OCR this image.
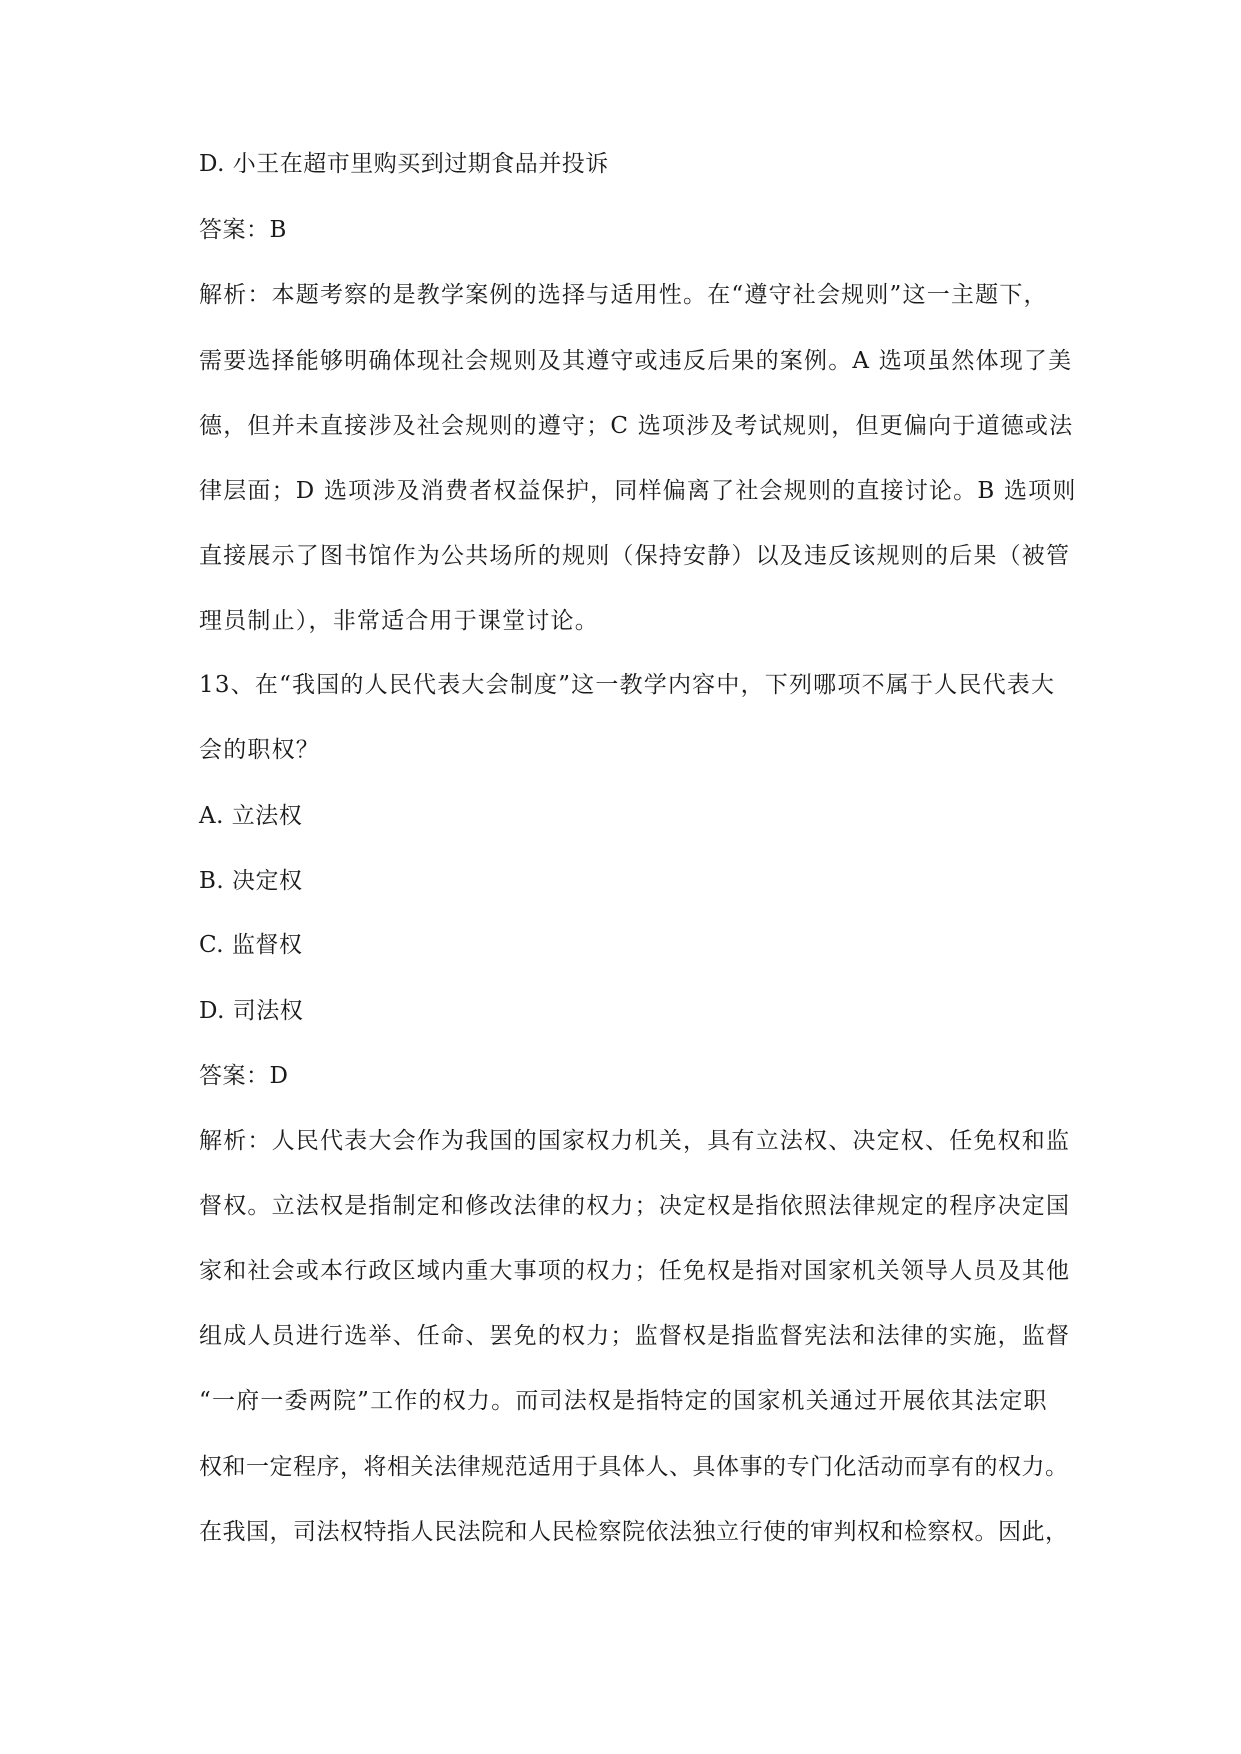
D. 小王在超市里购买到过期食品并投诉
答案：B
解析：本题考察的是教学案例的选择与适用性。在“遵守社会规则”这一主题下，
需要选择能够明确体现社会规则及其遵守或违反后果的案例。A 选项虽然体现了美
德，但并未直接涉及社会规则的遵守；C 选项涉及考试规则，但更偏向于道德或法
律层面；D 选项涉及消费者权益保护，同样偏离了社会规则的直接讨论。B 选项则
直接展示了图书馆作为公共场所的规则（保持安静）以及违反该规则的后果（被管
理员制止），非常适合用于课堂讨论。
13、在“我国的人民代表大会制度”这一教学内容中，下列哪项不属于人民代表大
会的职权？
A. 立法权
B. 决定权
C. 监督权
D. 司法权
答案：D
解析：人民代表大会作为我国的国家权力机关，具有立法权、决定权、任免权和监
督权。立法权是指制定和修改法律的权力；决定权是指依照法律规定的程序决定国
家和社会或本行政区域内重大事项的权力；任免权是指对国家机关领导人员及其他
组成人员进行选举、任命、罢免的权力；监督权是指监督宪法和法律的实施，监督
“一府一委两院”工作的权力。而司法权是指特定的国家机关通过开展依其法定职
权和一定程序，将相关法律规范适用于具体人、具体事的专门化活动而享有的权力。
在我国，司法权特指人民法院和人民检察院依法独立行使的审判权和检察权。因此，
